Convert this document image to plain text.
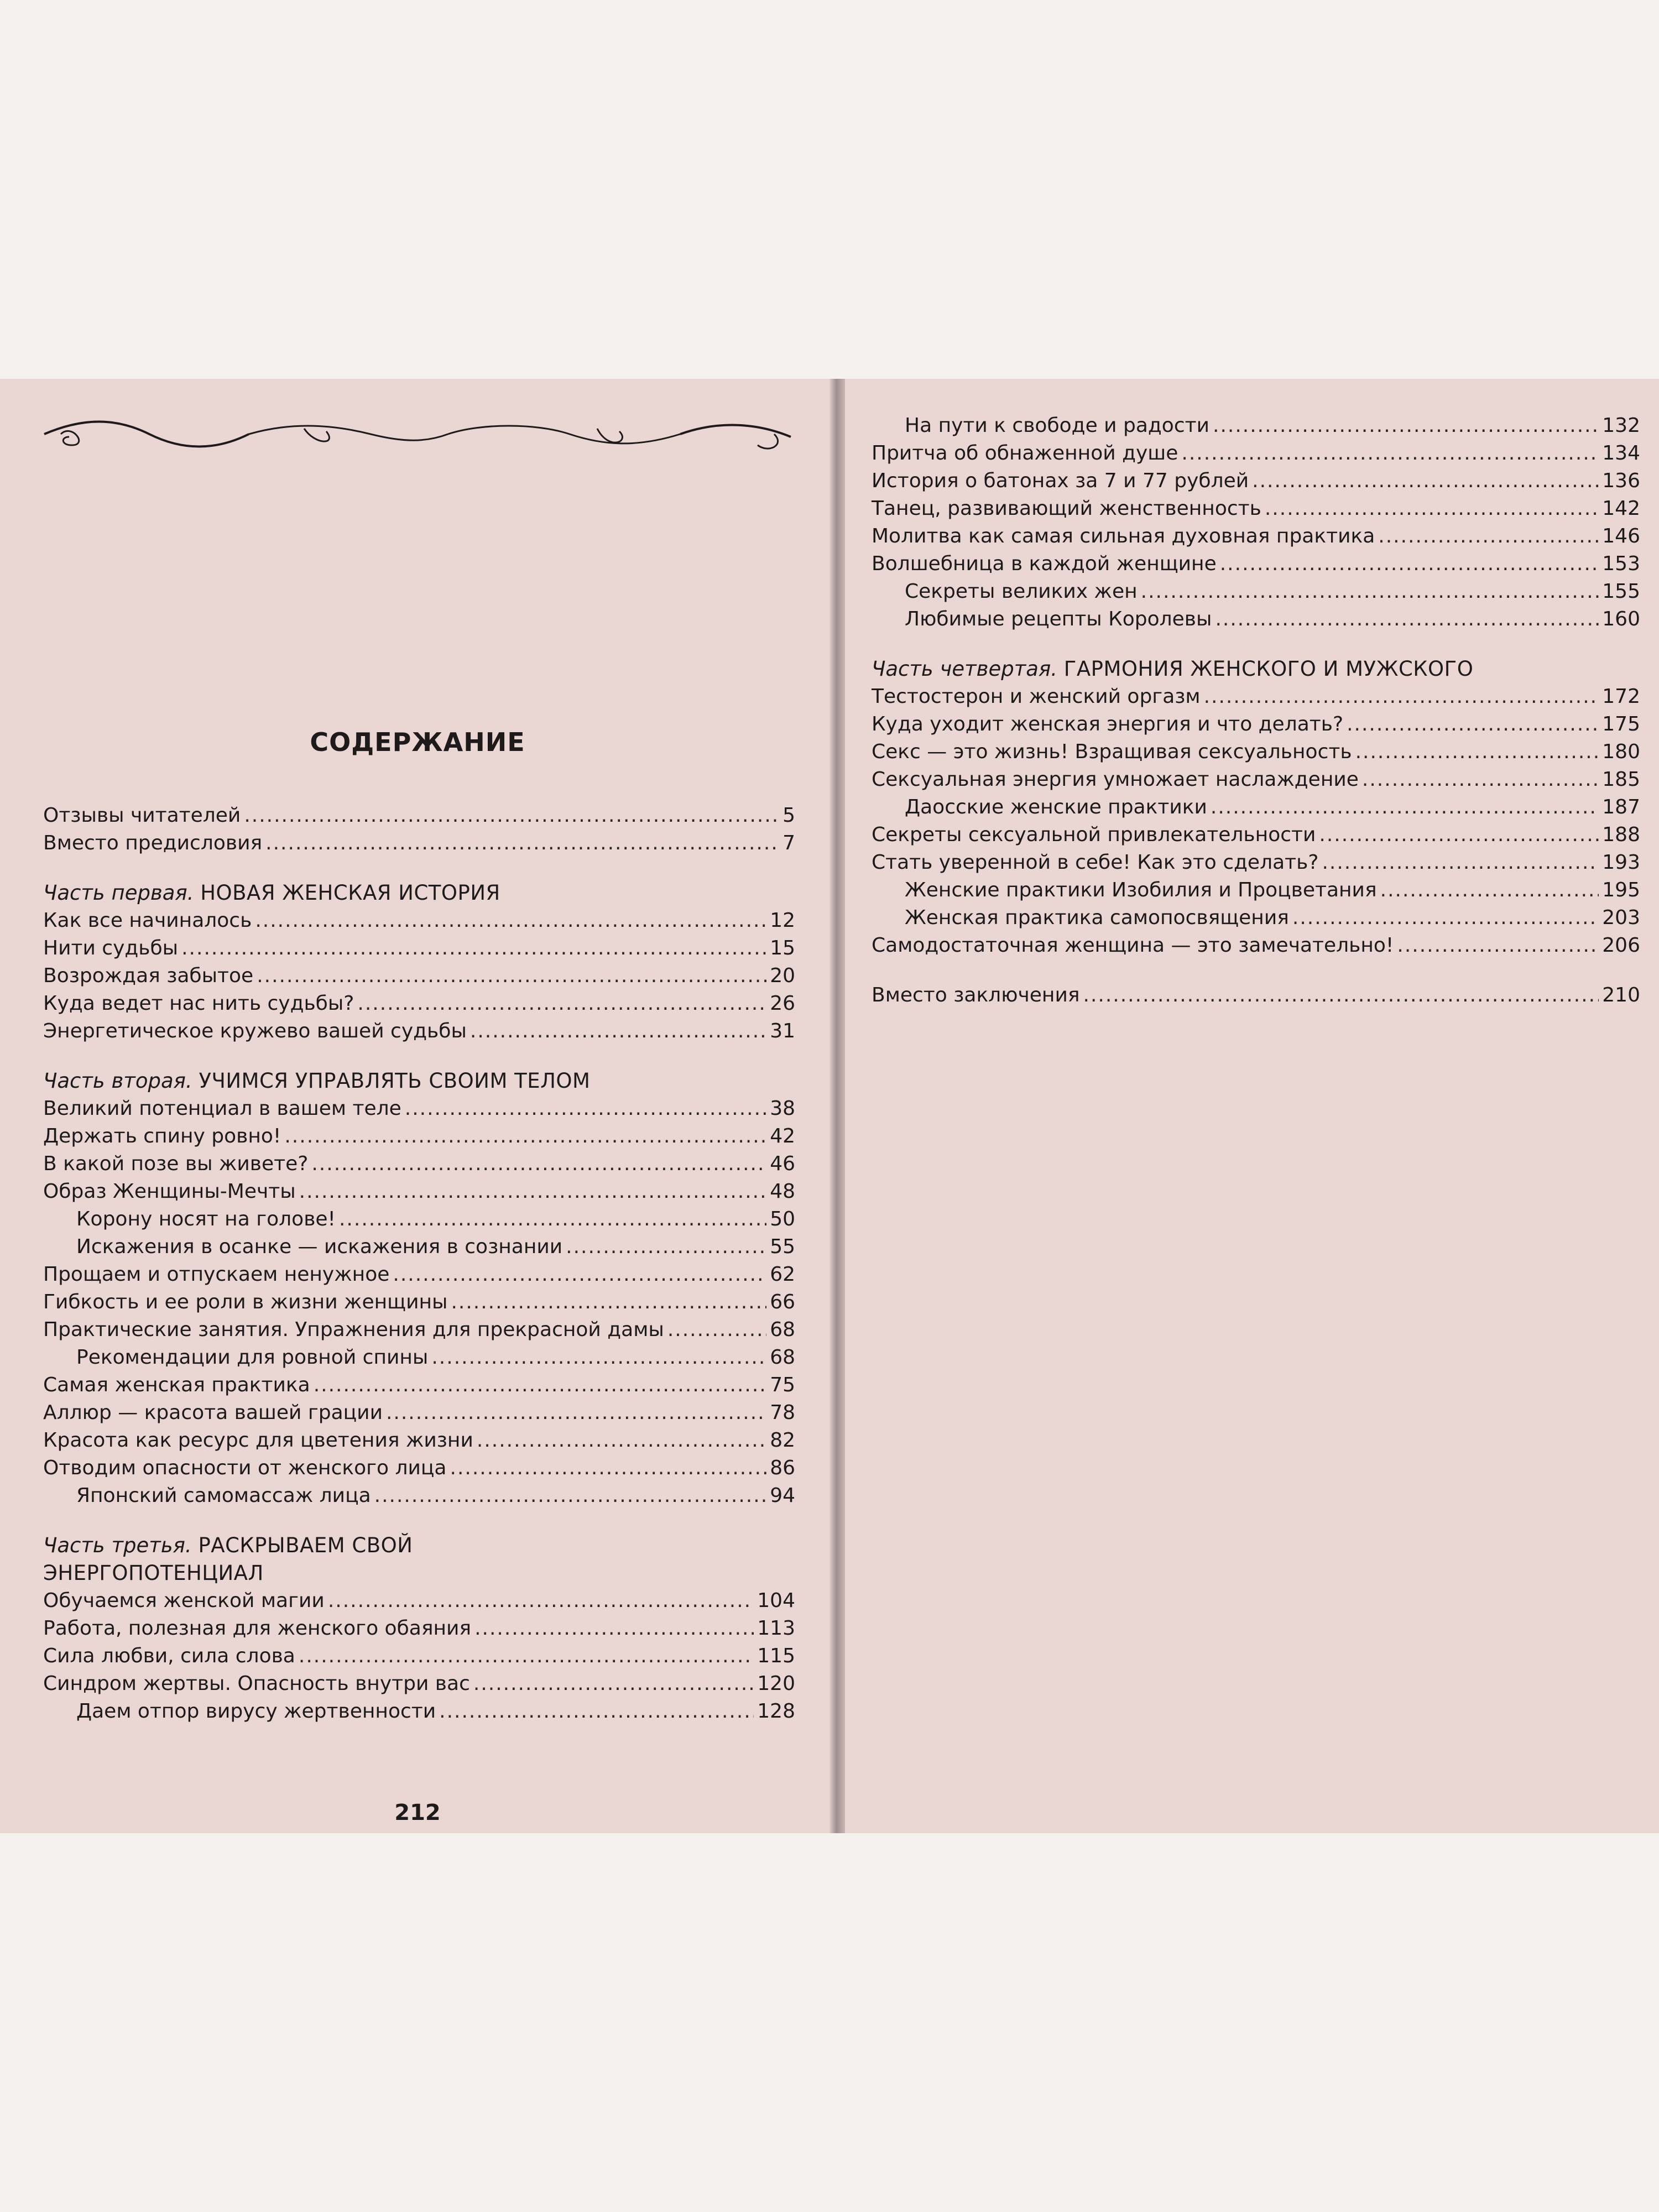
СОДЕРЖАНИЕ
Отзывы читателей .....	5
Вместо предисловия .....	7
Часть первая. НОВАЯ ЖЕНСКАЯ ИСТОРИЯ
Как все начиналось .....	12
Нити судьбы .....	15
Возрождая забытое .....	20
Куда ведет нас нить судьбы? .....	26
Энергетическое кружево вашей судьбы .....	31
Часть вторая. УЧИМСЯ УПРАВЛЯТЬ СВОИМ ТЕЛОМ
Великий потенциал в вашем теле .....	38
Держать спину ровно! .....	42
В какой позе вы живете? .....	46
Образ Женщины-Мечты .....	48
Корону носят на голове! .....	50
Искажения в осанке — искажения в сознании .....	55
Прощаем и отпускаем ненужное .....	62
Гибкость и ее роли в жизни женщины .....	66
Практические занятия. Упражнения для прекрасной дамы .....	68
Рекомендации для ровной спины .....	68
Самая женская практика .....	75
Аллюр — красота вашей грации .....	78
Красота как ресурс для цветения жизни .....	82
Отводим опасности от женского лица .....	86
Японский самомассаж лица .....	94
Часть третья. РАСКРЫВАЕМ СВОЙ
ЭНЕРГОПОТЕНЦИАЛ
Обучаемся женской магии .....	104
Работа, полезная для женского обаяния .....	113
Сила любви, сила слова .....	115
Синдром жертвы. Опасность внутри вас .....	120
Даем отпор вирусу жертвенности .....	128
212
На пути к свободе и радости .....	132
Притча об обнаженной душе .....	134
История о батонах за 7 и 77 рублей .....	136
Танец, развивающий женственность .....	142
Молитва как самая сильная духовная практика .....	146
Волшебница в каждой женщине .....	153
Секреты великих жен .....	155
Любимые рецепты Королевы .....	160
Часть четвертая. ГАРМОНИЯ ЖЕНСКОГО И МУЖСКОГО
Тестостерон и женский оргазм .....	172
Куда уходит женская энергия и что делать? .....	175
Секс — это жизнь! Взращивая сексуальность .....	180
Сексуальная энергия умножает наслаждение .....	185
Даосские женские практики .....	187
Секреты сексуальной привлекательности .....	188
Стать уверенной в себе! Как это сделать? .....	193
Женские практики Изобилия и Процветания .....	195
Женская практика самопосвящения .....	203
Самодостаточная женщина — это замечательно! .....	206
Вместо заключения .....	210
